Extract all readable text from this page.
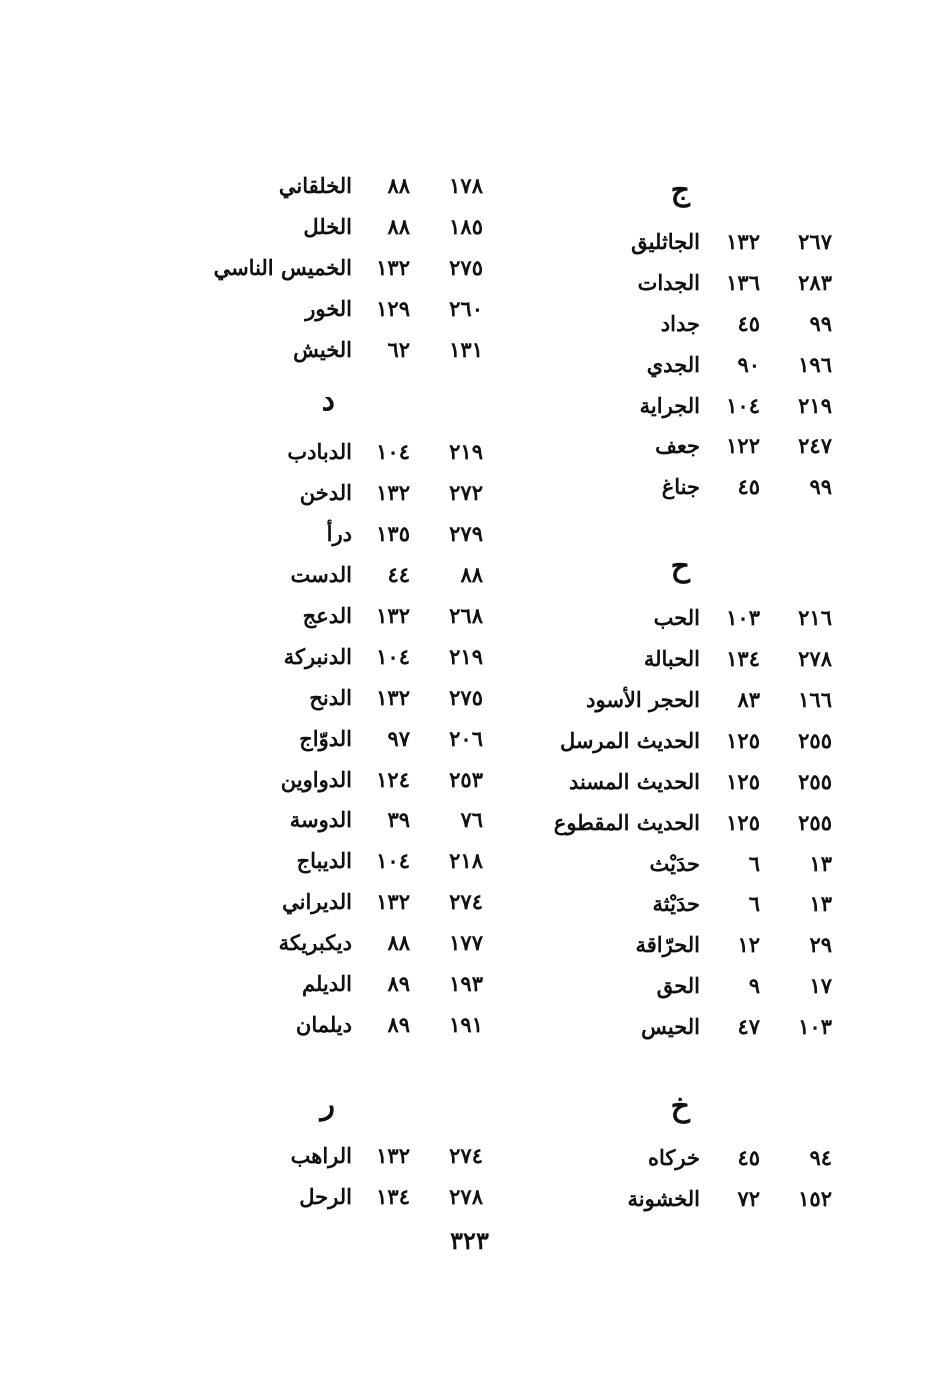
ج
الجاثليق ١٣٢ ٢٦٧
الجدات ١٣٦ ٢٨٣
جداد ٤٥ ٩٩
الجدي ٩٠ ١٩٦
الجراية ١٠٤ ٢١٩
جعف ١٢٢ ٢٤٧
جناغ ٤٥ ٩٩
ح
الحب ١٠٣ ٢١٦
الحبالة ١٣٤ ٢٧٨
الحجر الأسود ٨٣ ١٦٦
الحديث المرسل ١٢٥ ٢٥٥
الحديث المسند ١٢٥ ٢٥٥
الحديث المقطوع ١٢٥ ٢٥٥
حدَيْث ٦ ١٣
حدَيْثة ٦ ١٣
الحرّاقة ١٢ ٢٩
الحق ٩ ١٧
الحيس ٤٧ ١٠٣
خ
خركاه ٤٥ ٩٤
الخشونة ٧٢ ١٥٢
الخلقاني ٨٨ ١٧٨
الخلل ٨٨ ١٨٥
الخميس الناسي ١٣٢ ٢٧٥
الخور ١٢٩ ٢٦٠
الخيش ٦٢ ١٣١
د
الدبادب ١٠٤ ٢١٩
الدخن ١٣٢ ٢٧٢
درأ ١٣٥ ٢٧٩
الدست ٤٤ ٨٨
الدعج ١٣٢ ٢٦٨
الدنبركة ١٠٤ ٢١٩
الدنح ١٣٢ ٢٧٥
الدوّاج ٩٧ ٢٠٦
الدواوين ١٢٤ ٢٥٣
الدوسة ٣٩ ٧٦
الديباج ١٠٤ ٢١٨
الديراني ١٣٢ ٢٧٤
ديكبريكة ٨٨ ١٧٧
الديلم ٨٩ ١٩٣
ديلمان ٨٩ ١٩١
ر
الراهب ١٣٢ ٢٧٤
الرحل ١٣٤ ٢٧٨
٣٢٣
